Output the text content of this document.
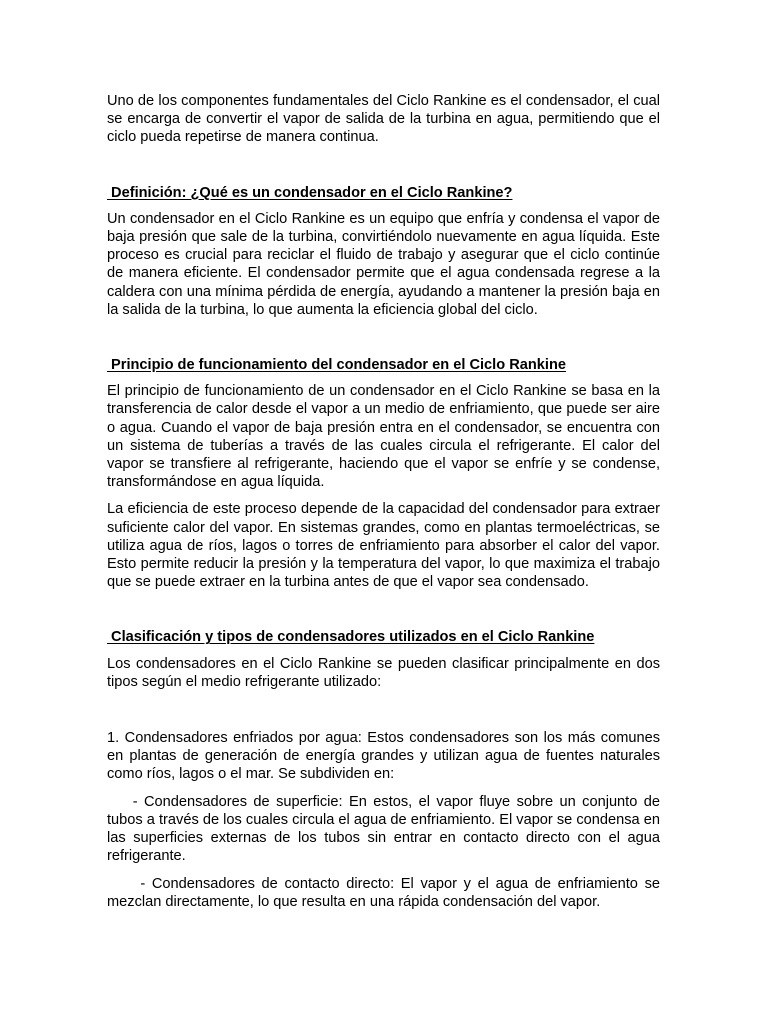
Uno de los componentes fundamentales del Ciclo Rankine es el condensador, el cual se encarga de convertir el vapor de salida de la turbina en agua, permitiendo que el ciclo pueda repetirse de manera continua.

Definición: ¿Qué es un condensador en el Ciclo Rankine?

Un condensador en el Ciclo Rankine es un equipo que enfría y condensa el vapor de baja presión que sale de la turbina, convirtiéndolo nuevamente en agua líquida. Este proceso es crucial para reciclar el fluido de trabajo y asegurar que el ciclo continúe de manera eficiente. El condensador permite que el agua condensada regrese a la caldera con una mínima pérdida de energía, ayudando a mantener la presión baja en la salida de la turbina, lo que aumenta la eficiencia global del ciclo.

Principio de funcionamiento del condensador en el Ciclo Rankine

El principio de funcionamiento de un condensador en el Ciclo Rankine se basa en la transferencia de calor desde el vapor a un medio de enfriamiento, que puede ser aire o agua. Cuando el vapor de baja presión entra en el condensador, se encuentra con un sistema de tuberías a través de las cuales circula el refrigerante. El calor del vapor se transfiere al refrigerante, haciendo que el vapor se enfríe y se condense, transformándose en agua líquida.

La eficiencia de este proceso depende de la capacidad del condensador para extraer suficiente calor del vapor. En sistemas grandes, como en plantas termoeléctricas, se utiliza agua de ríos, lagos o torres de enfriamiento para absorber el calor del vapor. Esto permite reducir la presión y la temperatura del vapor, lo que maximiza el trabajo que se puede extraer en la turbina antes de que el vapor sea condensado.

Clasificación y tipos de condensadores utilizados en el Ciclo Rankine

Los condensadores en el Ciclo Rankine se pueden clasificar principalmente en dos tipos según el medio refrigerante utilizado:

1. Condensadores enfriados por agua: Estos condensadores son los más comunes en plantas de generación de energía grandes y utilizan agua de fuentes naturales como ríos, lagos o el mar. Se subdividen en:

- Condensadores de superficie: En estos, el vapor fluye sobre un conjunto de tubos a través de los cuales circula el agua de enfriamiento. El vapor se condensa en las superficies externas de los tubos sin entrar en contacto directo con el agua refrigerante.

- Condensadores de contacto directo: El vapor y el agua de enfriamiento se mezclan directamente, lo que resulta en una rápida condensación del vapor.
